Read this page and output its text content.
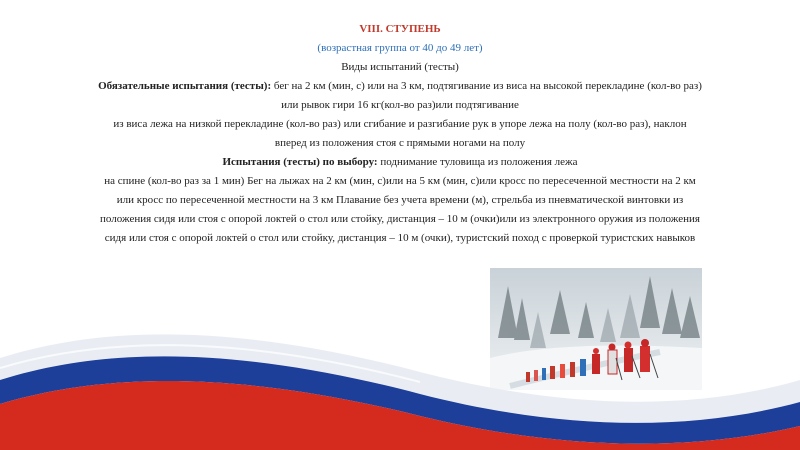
VIII. СТУПЕНЬ
(возрастная группа от 40 до 49 лет)
Виды испытаний (тесты)
Обязательные испытания (тесты): бег на 2 км (мин, с) или на 3 км, подтягивание из виса на высокой перекладине (кол-во раз)
или рывок гири 16 кг(кол-во раз)или подтягивание
из виса лежа на низкой перекладине (кол-во раз) или сгибание и разгибание рук в упоре лежа на полу (кол-во раз), наклон
вперед из положения стоя с прямыми ногами на полу
Испытания (тесты) по выбору: поднимание туловища из положения лежа
на спине (кол-во раз за 1 мин) Бег на лыжах на 2 км (мин, с)или на 5 км (мин, с)или кросс по пересеченной местности на 2 км
или кросс по пересеченной местности на 3 км Плавание без учета времени (м), стрельба из пневматической винтовки из
положения сидя или стоя с опорой локтей о стол или стойку, дистанция – 10 м (очки)или из электронного оружия из положения
сидя или стоя с опорой локтей о стол или стойку, дистанция – 10 м (очки), туристский поход с проверкой туристских навыков
